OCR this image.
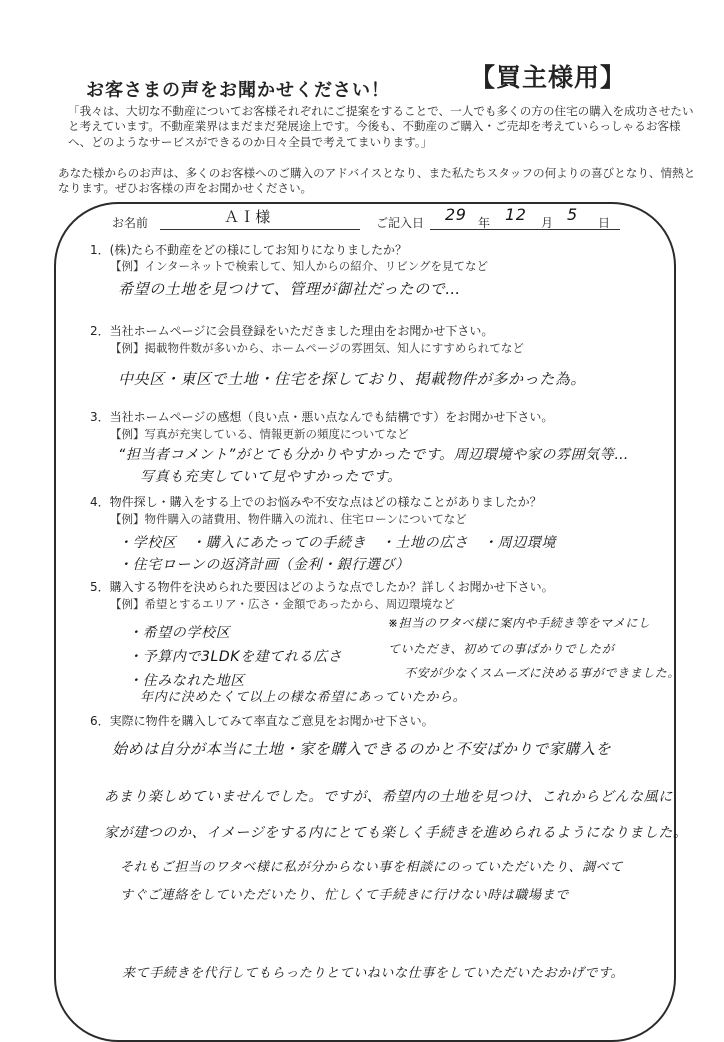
お客さまの声をお聞かせください！	【買主様用】
「我々は、大切な不動産についてお客様それぞれにご提案をすることで、一人でも多くの方の住宅の購入を成功させたいと考えています。不動産業界はまだまだ発展途上です。今後も、不動産のご購入・ご売却を考えていらっしゃるお客様へ、どのようなサービスができるのか日々全員で考えてまいります。」
あなた様からのお声は、多くのお客様へのご購入のアドバイスとなり、また私たちスタッフの何よりの喜びとなり、情熱となります。ぜひお客様の声をお聞かせください。
お名前	ＡＩ様	ご記入日 29 年 12 月 5 日
1．(株)たら不動産をどの様にしてお知りになりましたか？
【例】インターネットで検索して、知人からの紹介、リビングを見てなど
希望の土地を見つけて、管理が御社だったので…
2．当社ホームページに会員登録をいただきました理由をお聞かせ下さい。
【例】掲載物件数が多いから、ホームページの雰囲気、知人にすすめられてなど
中央区・東区で土地・住宅を探しており、掲載物件が多かった為。
3．当社ホームページの感想（良い点・悪い点なんでも結構です）をお聞かせ下さい。
【例】写真が充実している、情報更新の頻度についてなど
“担当者コメント”がとても分かりやすかったです。周辺環境や家の雰囲気等…
写真も充実していて見やすかったです。
4．物件探し・購入をする上でのお悩みや不安な点はどの様なことがありましたか？
【例】物件購入の諸費用、物件購入の流れ、住宅ローンについてなど
・学校区　・購入にあたっての手続き　・土地の広さ　・周辺環境
・住宅ローンの返済計画（金利・銀行選び）
5．購入する物件を決められた要因はどのような点でしたか？詳しくお聞かせ下さい。
【例】希望とするエリア・広さ・金額であったから、周辺環境など
・希望の学校区
・予算内で3LDKを建てれる広さ
・住みなれた地区
年内に決めたくて以上の様な希望にあっていたから。
※担当のワタベ様に案内や手続き等をマメにしていただき、初めての事ばかりでしたが
不安が少なくスムーズに決める事ができました。
6．実際に物件を購入してみて率直なご意見をお聞かせ下さい。
始めは自分が本当に土地・家を購入できるのかと不安ばかりで家購入を
あまり楽しめていませんでした。ですが、希望内の土地を見つけ、これからどんな風に
家が建つのか、イメージをする内にとても楽しく手続きを進められるようになりました。
それもご担当のワタベ様に私が分からない事を相談にのっていただいたり、調べて
すぐご連絡をしていただいたり、忙しくて手続きに行けない時は職場まで
来て手続きを代行してもらったりとていねいな仕事をしていただいたおかげです。
